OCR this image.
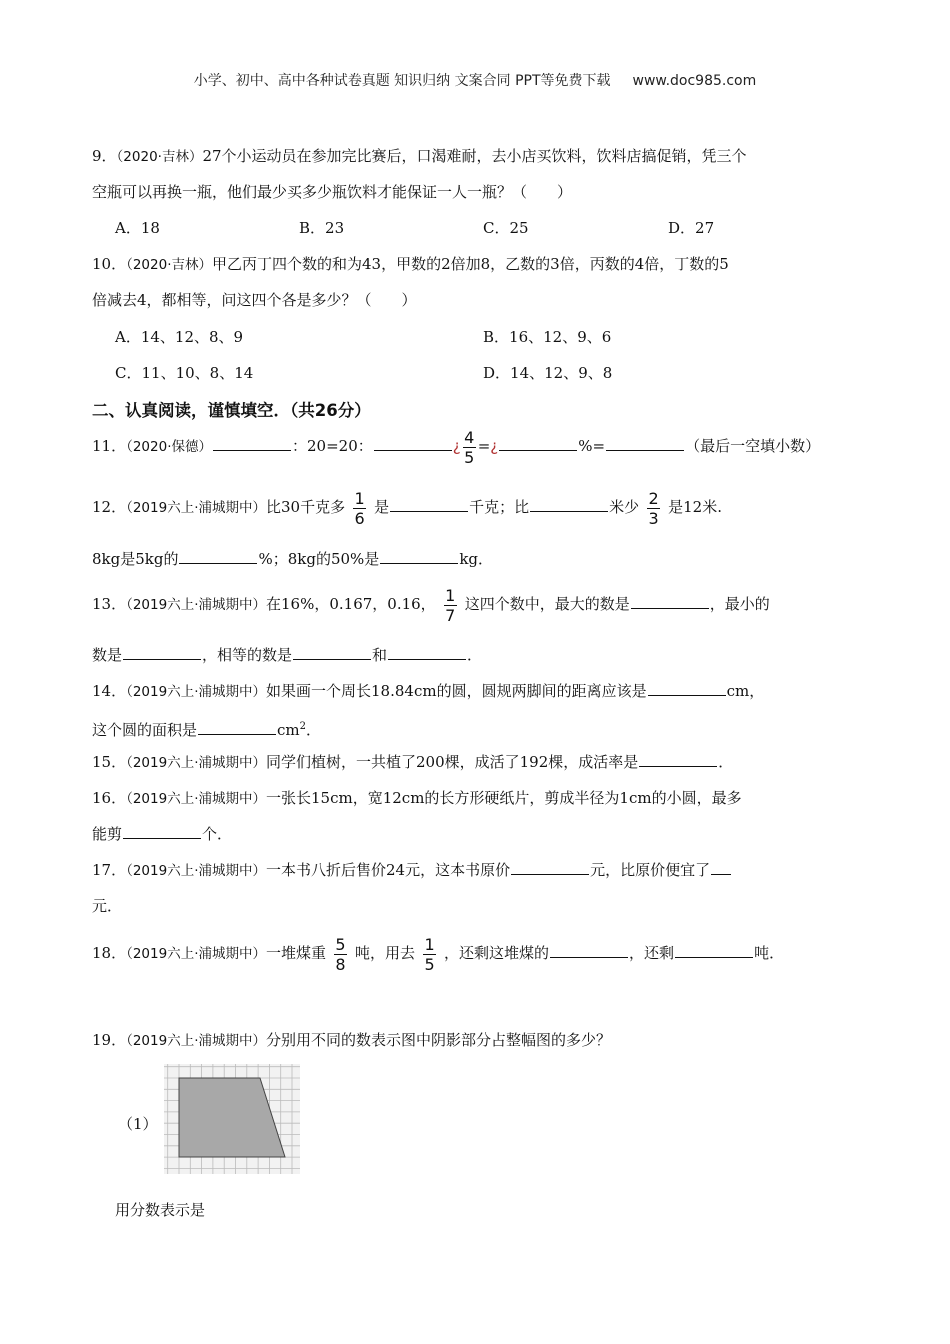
小学、初中、高中各种试卷真题 知识归纳 文案合同 PPT等免费下载 www.doc985.com
9．（2020·吉林）27个小运动员在参加完比赛后，口渴难耐，去小店买饮料，饮料店搞促销，凭三个
空瓶可以再换一瓶，他们最少买多少瓶饮料才能保证一人一瓶？（　　）
A．18	B．23	C．25	D．27
10．（2020·吉林）甲乙丙丁四个数的和为43，甲数的2倍加8，乙数的3倍，丙数的4倍，丁数的5
倍减去4，都相等，问这四个各是多少？（　　）
A．14、12、8、9	B．16、12、9、6
C．11、10、8、14	D．14、12、9、8
二、认真阅读，谨慎填空．（共26分）
11．（2020·保德）	：20=20：	¿ $\frac{4}{5}$ =¿	%=	（最后一空填小数）
12．（2019六上·浦城期中）比30千克多 $\frac{1}{6}$ 是	千克；比	米少 $\frac{2}{3}$ 是12米.
8kg是5kg的	%；8kg的50%是	kg．
13．（2019六上·浦城期中）在16%，0.167，0.16， $\frac{1}{7}$ 这四个数中，最大的数是	，最小的
数是	，相等的数是	和	．
14．（2019六上·浦城期中）如果画一个周长18.84cm的圆，圆规两脚间的距离应该是	cm，
这个圆的面积是	$cm^2$．
15．（2019六上·浦城期中）同学们植树，一共植了200棵，成活了192棵，成活率是	．
16．（2019六上·浦城期中）一张长15cm，宽12cm的长方形硬纸片，剪成半径为1cm的小圆，最多
能剪	个．
17．（2019六上·浦城期中）一本书八折后售价24元，这本书原价	元，比原价便宜了
元．
18．（2019六上·浦城期中）一堆煤重 $\frac{5}{8}$ 吨，用去 $\frac{1}{5}$ ，还剩这堆煤的	，还剩	吨．
19．（2019六上·浦城期中）分别用不同的数表示图中阴影部分占整幅图的多少？
（1）
用分数表示是
